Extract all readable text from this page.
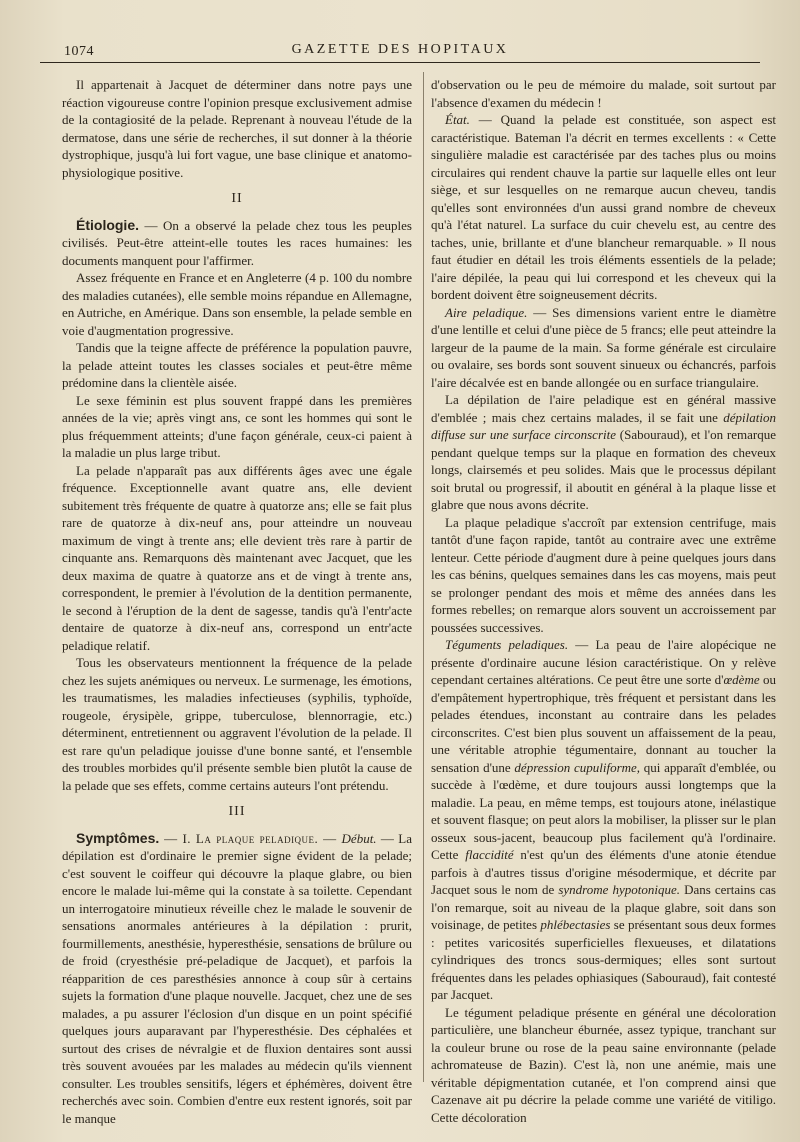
1074	GAZETTE DES HOPITAUX

Il appartenait à Jacquet de déterminer dans notre pays une réaction vigoureuse contre l'opinion presque exclusivement admise de la contagiosité de la pelade. Reprenant à nouveau l'étude de la dermatose, dans une série de recherches, il sut donner à la théorie dystrophique, jusqu'à lui fort vague, une base clinique et anatomo-physiologique positive.

II

Étiologie. — On a observé la pelade chez tous les peuples civilisés. Peut-être atteint-elle toutes les races humaines: les documents manquent pour l'affirmer.

Assez fréquente en France et en Angleterre (4 p. 100 du nombre des maladies cutanées), elle semble moins répandue en Allemagne, en Autriche, en Amérique. Dans son ensemble, la pelade semble en voie d'augmentation progressive.

Tandis que la teigne affecte de préférence la population pauvre, la pelade atteint toutes les classes sociales et peut-être même prédomine dans la clientèle aisée.

Le sexe féminin est plus souvent frappé dans les premières années de la vie; après vingt ans, ce sont les hommes qui sont le plus fréquemment atteints; d'une façon générale, ceux-ci paient à la maladie un plus large tribut.

La pelade n'apparaît pas aux différents âges avec une égale fréquence. Exceptionnelle avant quatre ans, elle devient subitement très fréquente de quatre à quatorze ans; elle se fait plus rare de quatorze à dix-neuf ans, pour atteindre un nouveau maximum de vingt à trente ans; elle devient très rare à partir de cinquante ans. Remarquons dès maintenant avec Jacquet, que les deux maxima de quatre à quatorze ans et de vingt à trente ans, correspondent, le premier à l'évolution de la dentition permanente, le second à l'éruption de la dent de sagesse, tandis qu'à l'entr'acte dentaire de quatorze à dix-neuf ans, correspond un entr'acte peladique relatif.

Tous les observateurs mentionnent la fréquence de la pelade chez les sujets anémiques ou nerveux. Le surmenage, les émotions, les traumatismes, les maladies infectieuses (syphilis, typhoïde, rougeole, érysipèle, grippe, tuberculose, blennorragie, etc.) déterminent, entretiennent ou aggravent l'évolution de la pelade. Il est rare qu'un peladique jouisse d'une bonne santé, et l'ensemble des troubles morbides qu'il présente semble bien plutôt la cause de la pelade que ses effets, comme certains auteurs l'ont prétendu.

III

Symptômes. — I. La plaque peladique. — Début. — La dépilation est d'ordinaire le premier signe évident de la pelade; c'est souvent le coiffeur qui découvre la plaque glabre, ou bien encore le malade lui-même qui la constate à sa toilette. Cependant un interrogatoire minutieux réveille chez le malade le souvenir de sensations anormales antérieures à la dépilation : prurit, fourmillements, anesthésie, hyperesthésie, sensations de brûlure ou de froid (cryesthésie pré-peladique de Jacquet), et parfois la réapparition de ces paresthésies annonce à coup sûr à certains sujets la formation d'une plaque nouvelle. Jacquet, chez une de ses malades, a pu assurer l'éclosion d'un disque en un point spécifié quelques jours auparavant par l'hyperesthésie. Des céphalées et surtout des crises de névralgie et de fluxion dentaires sont aussi très souvent avouées par les malades au médecin qu'ils viennent consulter. Les troubles sensitifs, légers et éphémères, doivent être recherchés avec soin. Combien d'entre eux restent ignorés, soit par le manque

d'observation ou le peu de mémoire du malade, soit surtout par l'absence d'examen du médecin !

État. — Quand la pelade est constituée, son aspect est caractéristique. Bateman l'a décrit en termes excellents : « Cette singulière maladie est caractérisée par des taches plus ou moins circulaires qui rendent chauve la partie sur laquelle elles ont leur siège, et sur lesquelles on ne remarque aucun cheveu, tandis qu'elles sont environnées d'un aussi grand nombre de cheveux qu'à l'état naturel. La surface du cuir chevelu est, au centre des taches, unie, brillante et d'une blancheur remarquable. » Il nous faut étudier en détail les trois éléments essentiels de la pelade; l'aire dépilée, la peau qui lui correspond et les cheveux qui la bordent doivent être soigneusement décrits.

Aire peladique. — Ses dimensions varient entre le diamètre d'une lentille et celui d'une pièce de 5 francs; elle peut atteindre la largeur de la paume de la main. Sa forme générale est circulaire ou ovalaire, ses bords sont souvent sinueux ou échancrés, parfois l'aire décalvée est en bande allongée ou en surface triangulaire.

La dépilation de l'aire peladique est en général massive d'emblée ; mais chez certains malades, il se fait une dépilation diffuse sur une surface circonscrite (Sabouraud), et l'on remarque pendant quelque temps sur la plaque en formation des cheveux longs, clairsemés et peu solides. Mais que le processus dépilant soit brutal ou progressif, il aboutit en général à la plaque lisse et glabre que nous avons décrite.

La plaque peladique s'accroît par extension centrifuge, mais tantôt d'une façon rapide, tantôt au contraire avec une extrême lenteur. Cette période d'augment dure à peine quelques jours dans les cas bénins, quelques semaines dans les cas moyens, mais peut se prolonger pendant des mois et même des années dans les formes rebelles; on remarque alors souvent un accroissement par poussées successives.

Téguments peladiques. — La peau de l'aire alopécique ne présente d'ordinaire aucune lésion caractéristique. On y relève cependant certaines altérations. Ce peut être une sorte d'œdème ou d'empâtement hypertrophique, très fréquent et persistant dans les pelades étendues, inconstant au contraire dans les pelades circonscrites. C'est bien plus souvent un affaissement de la peau, une véritable atrophie tégumentaire, donnant au toucher la sensation d'une dépression cupuliforme, qui apparaît d'emblée, ou succède à l'œdème, et dure toujours aussi longtemps que la maladie. La peau, en même temps, est toujours atone, inélastique et souvent flasque; on peut alors la mobiliser, la plisser sur le plan osseux sous-jacent, beaucoup plus facilement qu'à l'ordinaire. Cette flaccidité n'est qu'un des éléments d'une atonie étendue parfois à d'autres tissus d'origine mésodermique, et décrite par Jacquet sous le nom de syndrome hypotonique. Dans certains cas l'on remarque, soit au niveau de la plaque glabre, soit dans son voisinage, de petites phlébectasies se présentant sous deux formes : petites varicosités superficielles flexueuses, et dilatations cylindriques des troncs sous-dermiques; elles sont surtout fréquentes dans les pelades ophiasiques (Sabouraud), fait contesté par Jacquet.

Le tégument peladique présente en général une décoloration particulière, une blancheur éburnée, assez typique, tranchant sur la couleur brune ou rose de la peau saine environnante (pelade achromateuse de Bazin). C'est là, non une anémie, mais une véritable dépigmentation cutanée, et l'on comprend ainsi que Cazenave ait pu décrire la pelade comme une variété de vitiligo. Cette décoloration
